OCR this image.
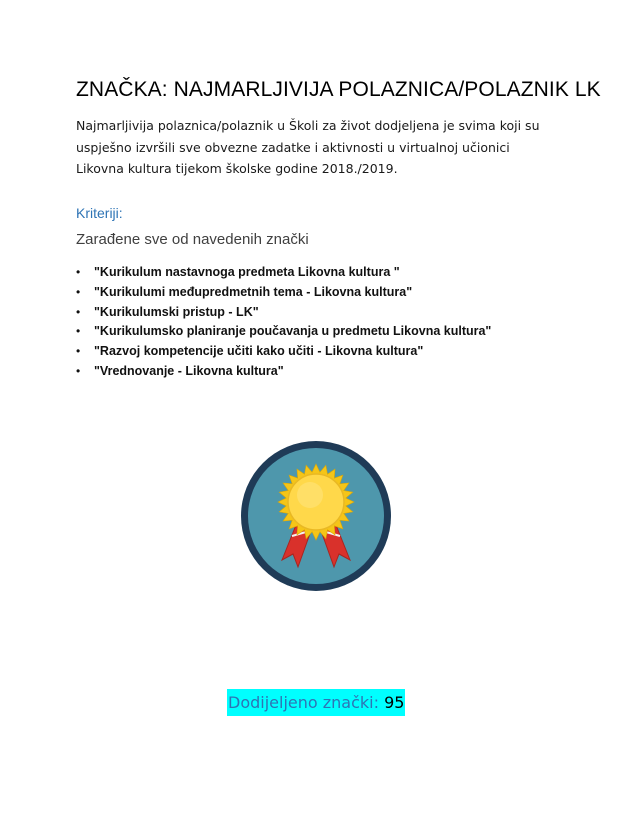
ZNAČKA: NAJMARLJIVIJA POLAZNICA/POLAZNIK LK
Najmarljivija polaznica/polaznik u Školi za život dodjeljena je svima koji su uspješno izvršili sve obvezne zadatke i aktivnosti u virtualnoj učionici Likovna kultura tijekom školske godine 2018./2019.
Kriteriji:
Zarađene sve od navedenih znački
• "Kurikulum nastavnoga predmeta Likovna kultura "
• "Kurikulumi međupredmetnih tema - Likovna kultura"
• "Kurikulumski pristup - LK"
• "Kurikulumsko planiranje poučavanja u predmetu Likovna kultura"
• "Razvoj kompetencije učiti kako učiti - Likovna kultura"
• "Vrednovanje - Likovna kultura"
Dodijeljeno znački: 95
